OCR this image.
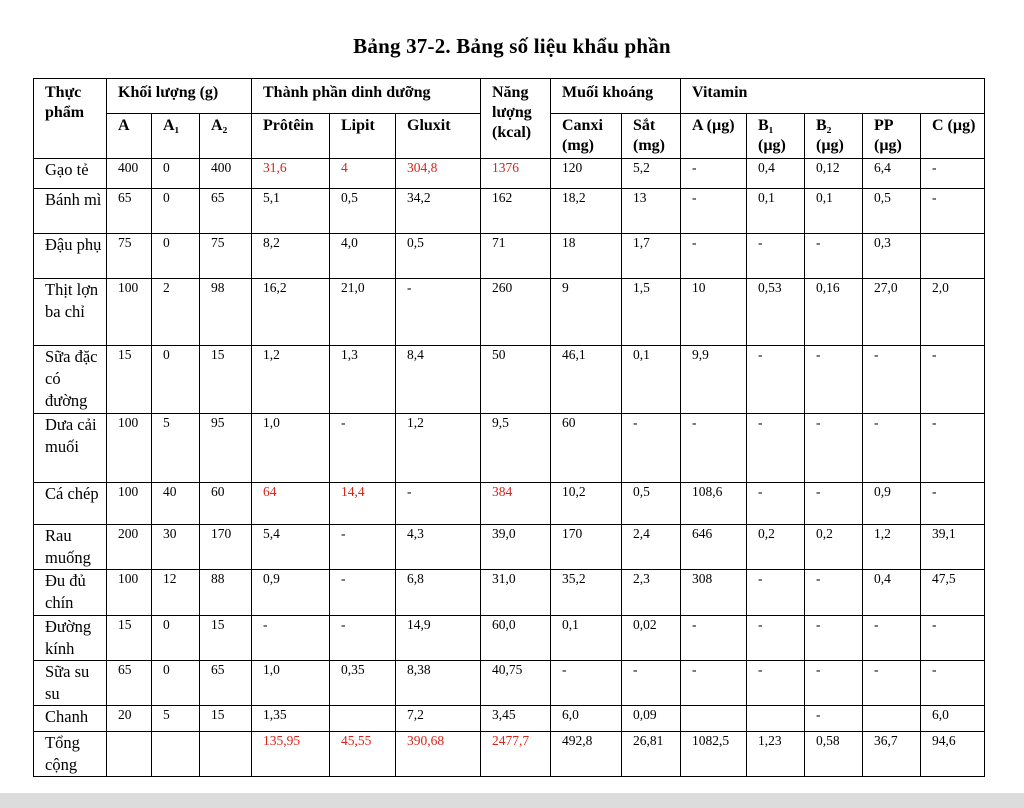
Bảng 37-2. Bảng số liệu khẩu phần
Thực phẩm	Khối lượng (g)			Thành phần dinh dưỡng			Năng lượng (kcal)	Muối khoáng		Vitamin				
	A	A₁	A₂	Prôtêin	Lipit	Gluxit		Canxi (mg)	Sắt (mg)	A (µg)	B₁ (µg)	B₂ (µg)	PP (µg)	C (µg)
Gạo tẻ	400	0	400	31,6	4	304,8	1376	120	5,2	-	0,4	0,12	6,4	-
Bánh mì	65	0	65	5,1	0,5	34,2	162	18,2	13	-	0,1	0,1	0,5	-
Đậu phụ	75	0	75	8,2	4,0	0,5	71	18	1,7	-	-	-	0,3	
Thịt lợn ba chỉ	100	2	98	16,2	21,0	-	260	9	1,5	10	0,53	0,16	27,0	2,0
Sữa đặc có đường	15	0	15	1,2	1,3	8,4	50	46,1	0,1	9,9	-	-	-	-
Dưa cải muối	100	5	95	1,0	-	1,2	9,5	60	-	-	-	-	-	-
Cá chép	100	40	60	64	14,4	-	384	10,2	0,5	108,6	-	-	0,9	-
Rau muống	200	30	170	5,4	-	4,3	39,0	170	2,4	646	0,2	0,2	1,2	39,1
Đu đủ chín	100	12	88	0,9	-	6,8	31,0	35,2	2,3	308	-	-	0,4	47,5
Đường kính	15	0	15	-	-	14,9	60,0	0,1	0,02	-	-	-	-	-
Sữa su su	65	0	65	1,0	0,35	8,38	40,75	-	-	-	-	-	-	-
Chanh	20	5	15	1,35		7,2	3,45	6,0	0,09			-		6,0
Tổng cộng				135,95	45,55	390,68	2477,7	492,8	26,81	1082,5	1,23	0,58	36,7	94,6
